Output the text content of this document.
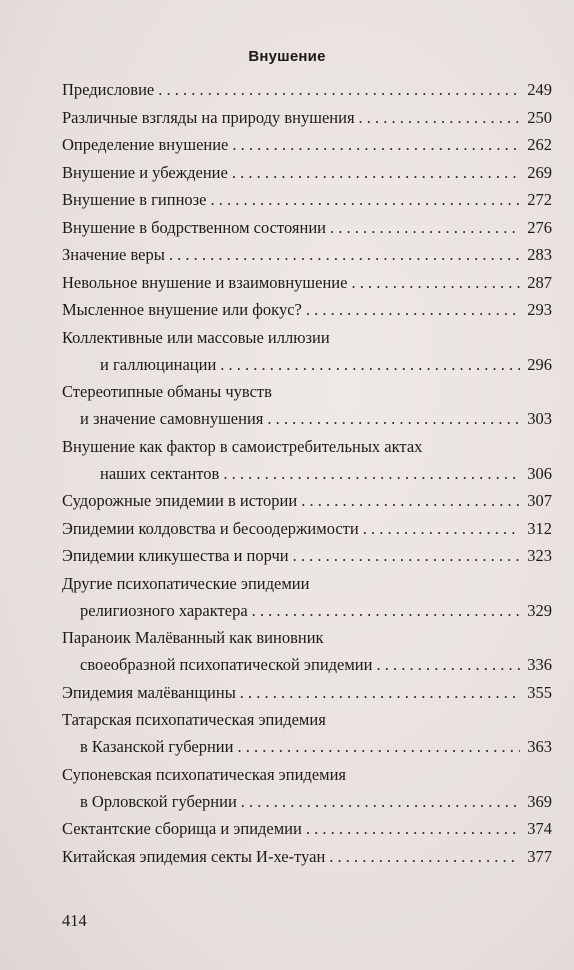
Внушение
Предисловие . . .	249
Различные взгляды на природу внушения . . .	250
Определение внушение . . .	262
Внушение и убеждение . . .	269
Внушение в гипнозе . . .	272
Внушение в бодрственном состоянии . . .	276
Значение веры . . .	283
Невольное внушение и взаимовнушение . . .	287
Мысленное внушение или фокус? . . .	293
Коллективные или массовые иллюзии
и галлюцинации . . .	296
Стереотипные обманы чувств
и значение самовнушения . . .	303
Внушение как фактор в самоистребительных актах
наших сектантов . . .	306
Судорожные эпидемии в истории . . .	307
Эпидемии колдовства и бесоодержимости . . .	312
Эпидемии кликушества и порчи . . .	323
Другие психопатические эпидемии
религиозного характера . . .	329
Параноик Малёванный как виновник
своеобразной психопатической эпидемии . . .	336
Эпидемия малёванщины . . .	355
Татарская психопатическая эпидемия
в Казанской губернии . . .	363
Супоневская психопатическая эпидемия
в Орловской губернии . . .	369
Сектантские сборища и эпидемии . . .	374
Китайская эпидемия секты И-хе-туан . . .	377
414
